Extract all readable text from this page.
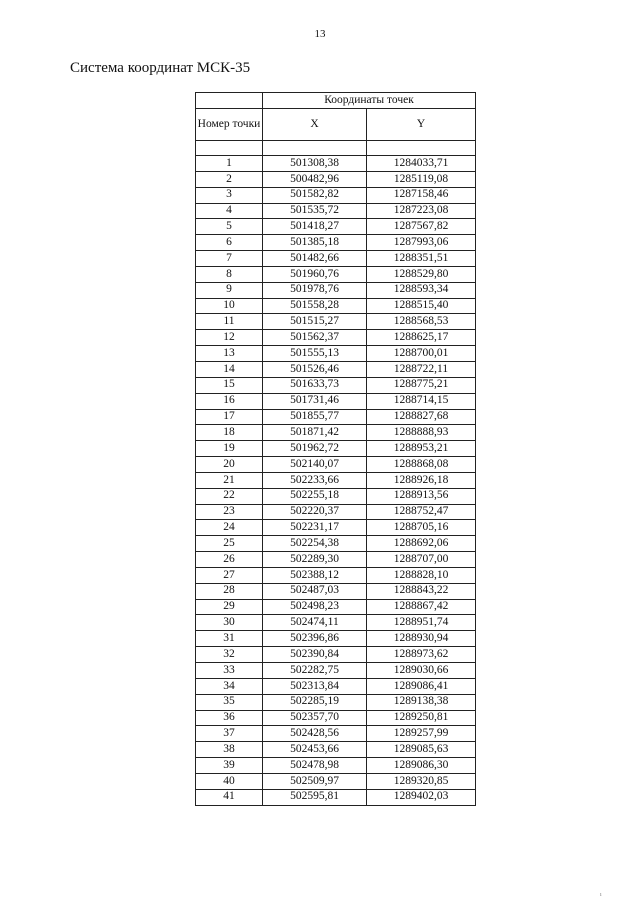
13
Система координат МСК-35
	Координаты точек	
Номер точки	X	Y

1	501308,38	1284033,71
2	500482,96	1285119,08
3	501582,82	1287158,46
4	501535,72	1287223,08
5	501418,27	1287567,82
6	501385,18	1287993,06
7	501482,66	1288351,51
8	501960,76	1288529,80
9	501978,76	1288593,34
10	501558,28	1288515,40
11	501515,27	1288568,53
12	501562,37	1288625,17
13	501555,13	1288700,01
14	501526,46	1288722,11
15	501633,73	1288775,21
16	501731,46	1288714,15
17	501855,77	1288827,68
18	501871,42	1288888,93
19	501962,72	1288953,21
20	502140,07	1288868,08
21	502233,66	1288926,18
22	502255,18	1288913,56
23	502220,37	1288752,47
24	502231,17	1288705,16
25	502254,38	1288692,06
26	502289,30	1288707,00
27	502388,12	1288828,10
28	502487,03	1288843,22
29	502498,23	1288867,42
30	502474,11	1288951,74
31	502396,86	1288930,94
32	502390,84	1288973,62
33	502282,75	1289030,66
34	502313,84	1289086,41
35	502285,19	1289138,38
36	502357,70	1289250,81
37	502428,56	1289257,99
38	502453,66	1289085,63
39	502478,98	1289086,30
40	502509,97	1289320,85
41	502595,81	1289402,03
ı
